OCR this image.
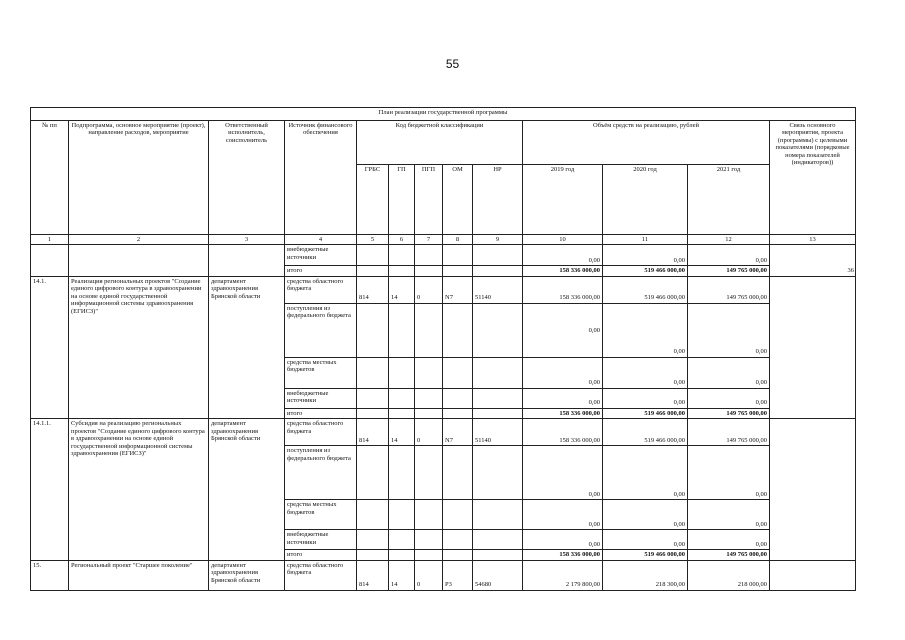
55
План реализации государственной программы												
№ пп	Подпрограмма, основное мероприятие (проект), направление расходов, мероприятие	Ответственный исполнитель, соисполнитель	Источник финансового обеспечения	Код бюджетной классификации					Объём средств на реализацию, рублей			Связь основного мероприятия, проекта (программы) с целевыми показателями (порядковые номера показателей (индикаторов))
				ГРБС	ГП	ПГП	ОМ	НР	2019 год	2020 год	2021 год	
1	2	3	4	5	6	7	8	9	10	11	12	13
			внебюджетные источники						0,00	0,00	0,00	36
			итого						158 336 000,00	519 466 000,00	149 765 000,00	
14.1.	Реализация региональных проектов "Создание единого цифрового контура в здравоохранении на основе единой государственной информационной системы здравоохранения (ЕГИСЗ)"	департамент здравоохранения Брянской области	средства областного бюджета	814	14	0	N7	51140	158 336 000,00	519 466 000,00	149 765 000,00	
			поступления из федерального бюджета						0,00	0,00	0,00	
			средства местных бюджетов						0,00	0,00	0,00	
			внебюджетные источники						0,00	0,00	0,00	
			итого						158 336 000,00	519 466 000,00	149 765 000,00	
14.1.1.	Субсидия на реализацию региональных проектов "Создание единого цифрового контура в здравоохранении на основе единой государственной информационной системы здравоохранения (ЕГИСЗ)"	департамент здравоохранения Брянской области	средства областного бюджета	814	14	0	N7	51140	158 336 000,00	519 466 000,00	149 765 000,00	
			поступления из федерального бюджета						0,00	0,00	0,00	
			средства местных бюджетов						0,00	0,00	0,00	
			внебюджетные источники						0,00	0,00	0,00	
			итого						158 336 000,00	519 466 000,00	149 765 000,00	
15.	Региональный проект "Старшее поколение"	департамент здравоохранения Брянской области	средства областного бюджета	814	14	0	P3	54680	2 179 800,00	218 300,00	218 000,00	
